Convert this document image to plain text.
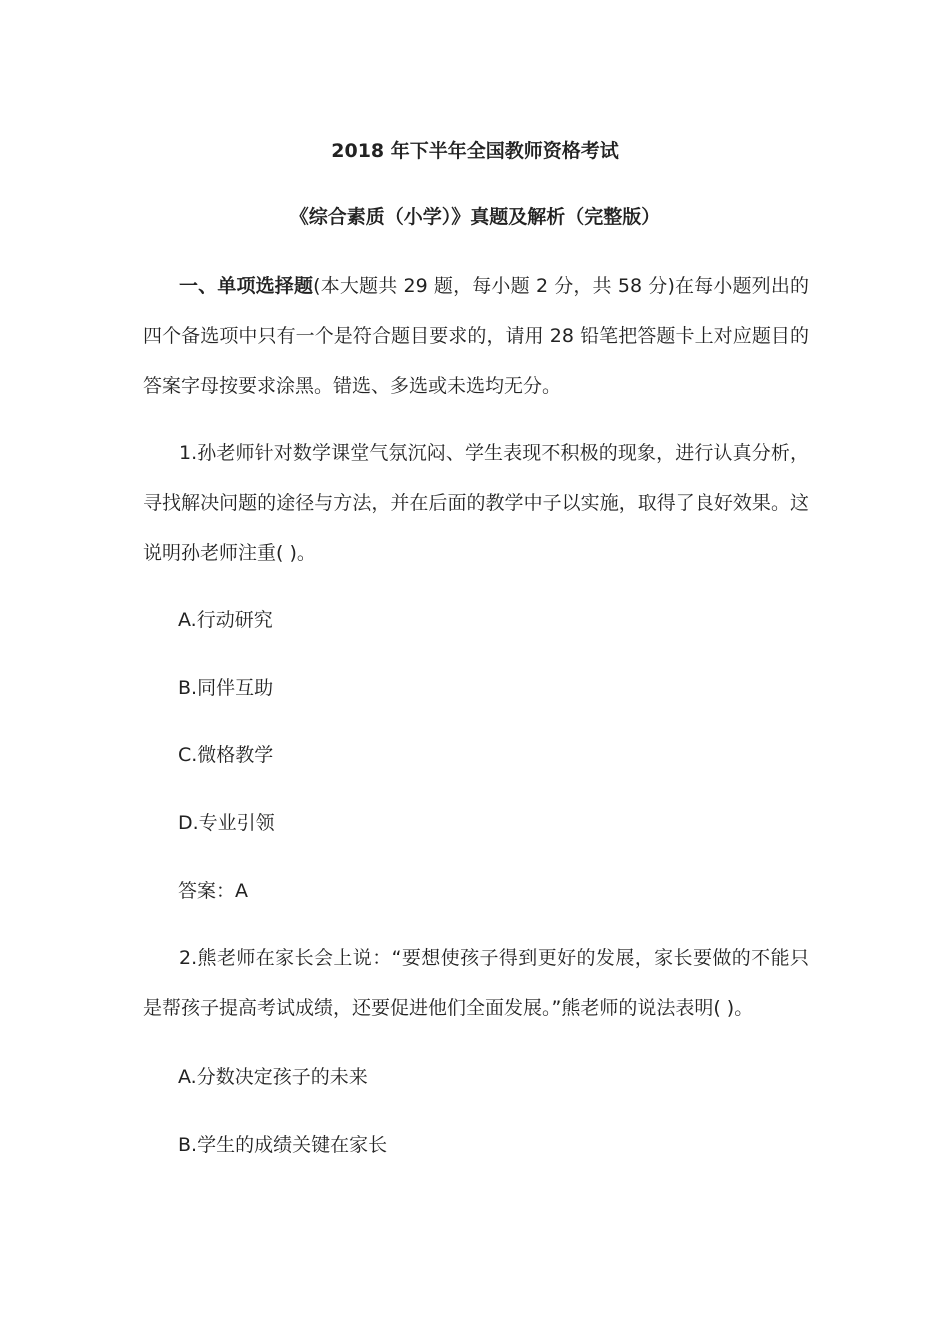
2018 年下半年全国教师资格考试
《综合素质（小学）》真题及解析（完整版）

一、单项选择题(本大题共 29 题，每小题 2 分，共 58 分)在每小题列出的四个备选项中只有一个是符合题目要求的，请用 28 铅笔把答题卡上对应题目的答案字母按要求涂黑。错选、多选或未选均无分。

1.孙老师针对数学课堂气氛沉闷、学生表现不积极的现象，进行认真分析，寻找解决问题的途径与方法，并在后面的教学中子以实施，取得了良好效果。这说明孙老师注重( )。

A.行动研究

B.同伴互助

C.微格教学

D.专业引领

答案：A

2.熊老师在家长会上说：“要想使孩子得到更好的发展，家长要做的不能只是帮孩子提高考试成绩，还要促进他们全面发展。”熊老师的说法表明( )。

A.分数决定孩子的未来

B.学生的成绩关键在家长
